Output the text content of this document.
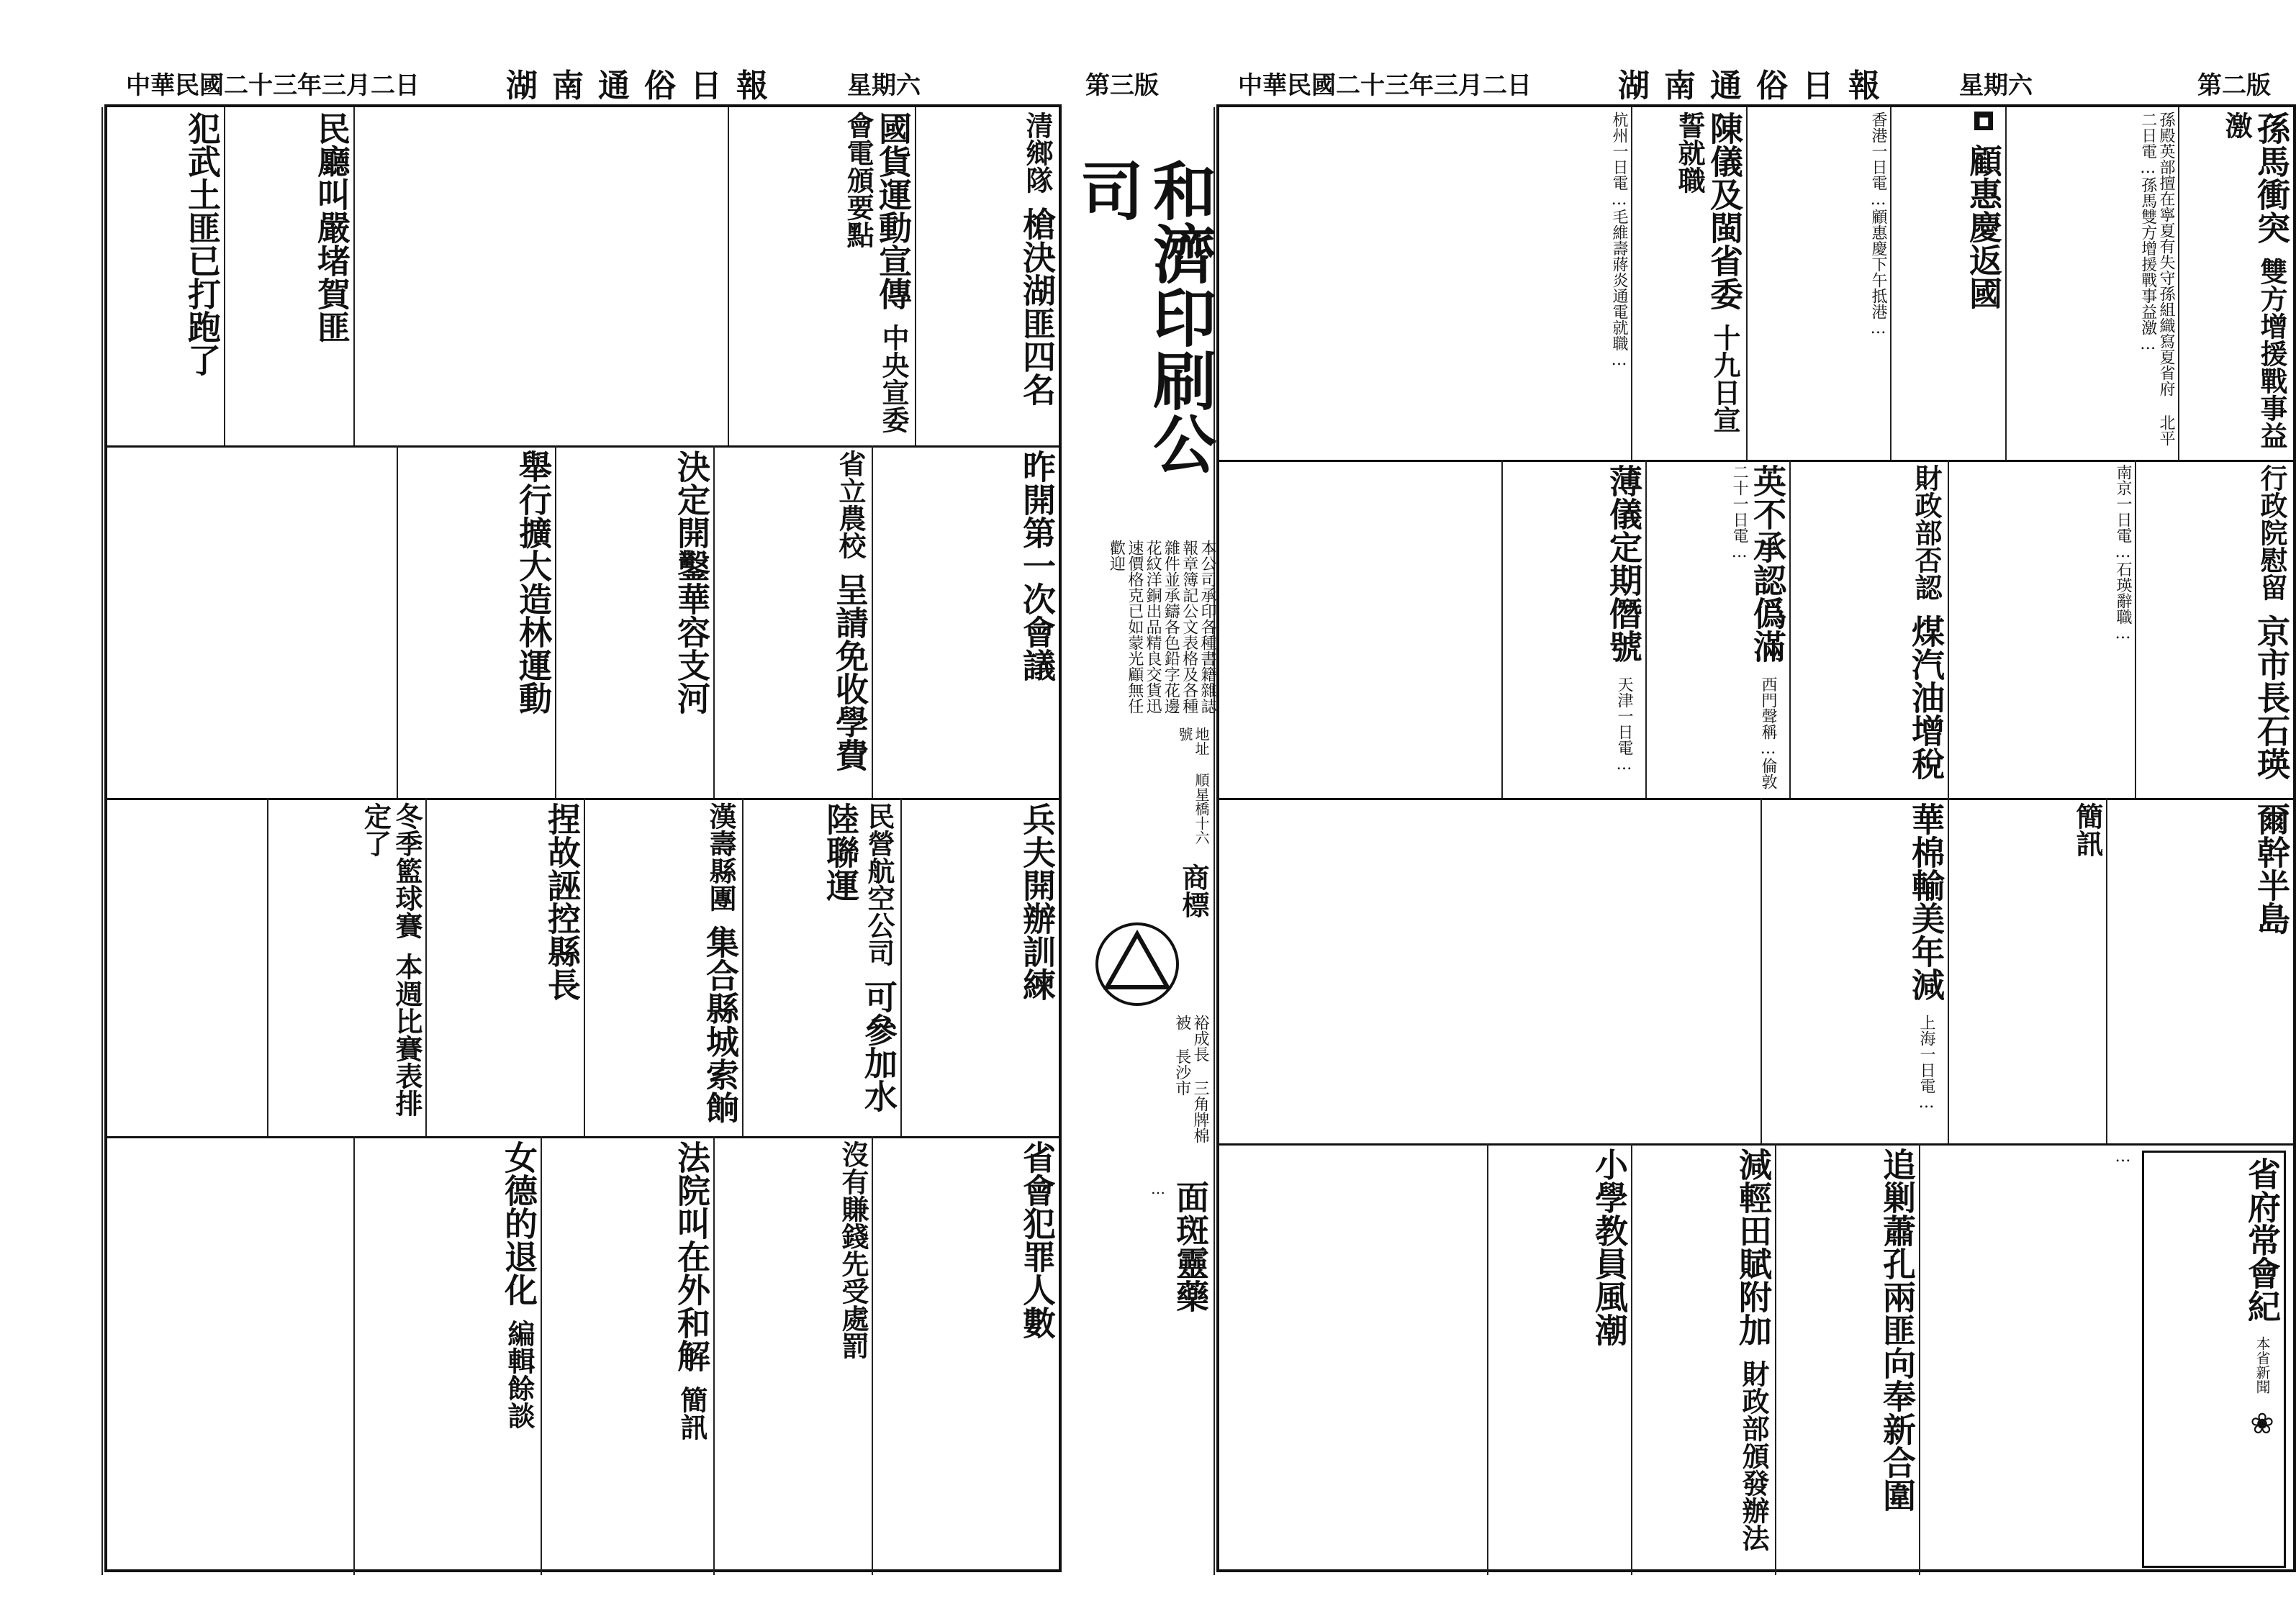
中華民國二十三年三月二日	湖南通俗日報	星期六	第二版
中華民國二十三年三月二日	湖南通俗日報	星期六	第三版
孫馬衝突 雙方增援戰事益激
孫殿英部擅在寧夏有失守孫組織寫夏省府 北平二日電…孫馬雙方增援戰事益激…
◼ 顧惠慶返國
香港一日電…顧惠慶下午抵港…
陳儀及閩省委 十九日宣誓就職
杭州一日電…毛維壽蔣炎通電就職…
行政院慰留 京市長石瑛
南京一日電…石瑛辭職…
財政部否認 煤汽油增稅
英不承認僞滿 西門聲稱…倫敦二十一日電…
薄儀定期僭號 天津一日電…
爾幹半島
簡訊
華棉輸美年減 上海一日電…
省府常會紀 本省新聞 ❀
…
追剿蕭孔兩匪向奉新合圍
減輕田賦附加 財政部頒發辦法
小學教員風潮
和濟印刷公司
本公司承印各種書籍雜誌報章簿記公文表格及各種雜件並承鑄各色鉛字花邊花紋洋銅出品精良交貨迅速價格克已如蒙光顧無任歡迎
地址 順星橋十六號
商標
裕成長 三角牌棉被 長沙市
面斑靈藥
…
清鄉隊 槍決湖匪四名
國貨運動宣傳 中央宣委會電頒要點
民廳叫嚴堵賀匪
犯武土匪已打跑了
昨開第一次會議
省立農校 呈請免收學費
決定開鑿華容支河
舉行擴大造林運動
兵夫開辦訓練
民營航空公司 可參加水陸聯運
漢壽縣團 集合縣城索餉
捏故誣控縣長
冬季籃球賽 本週比賽表排定了
省會犯罪人數
沒有賺錢先受處罰
法院叫在外和解 簡訊
女德的退化 編輯餘談
